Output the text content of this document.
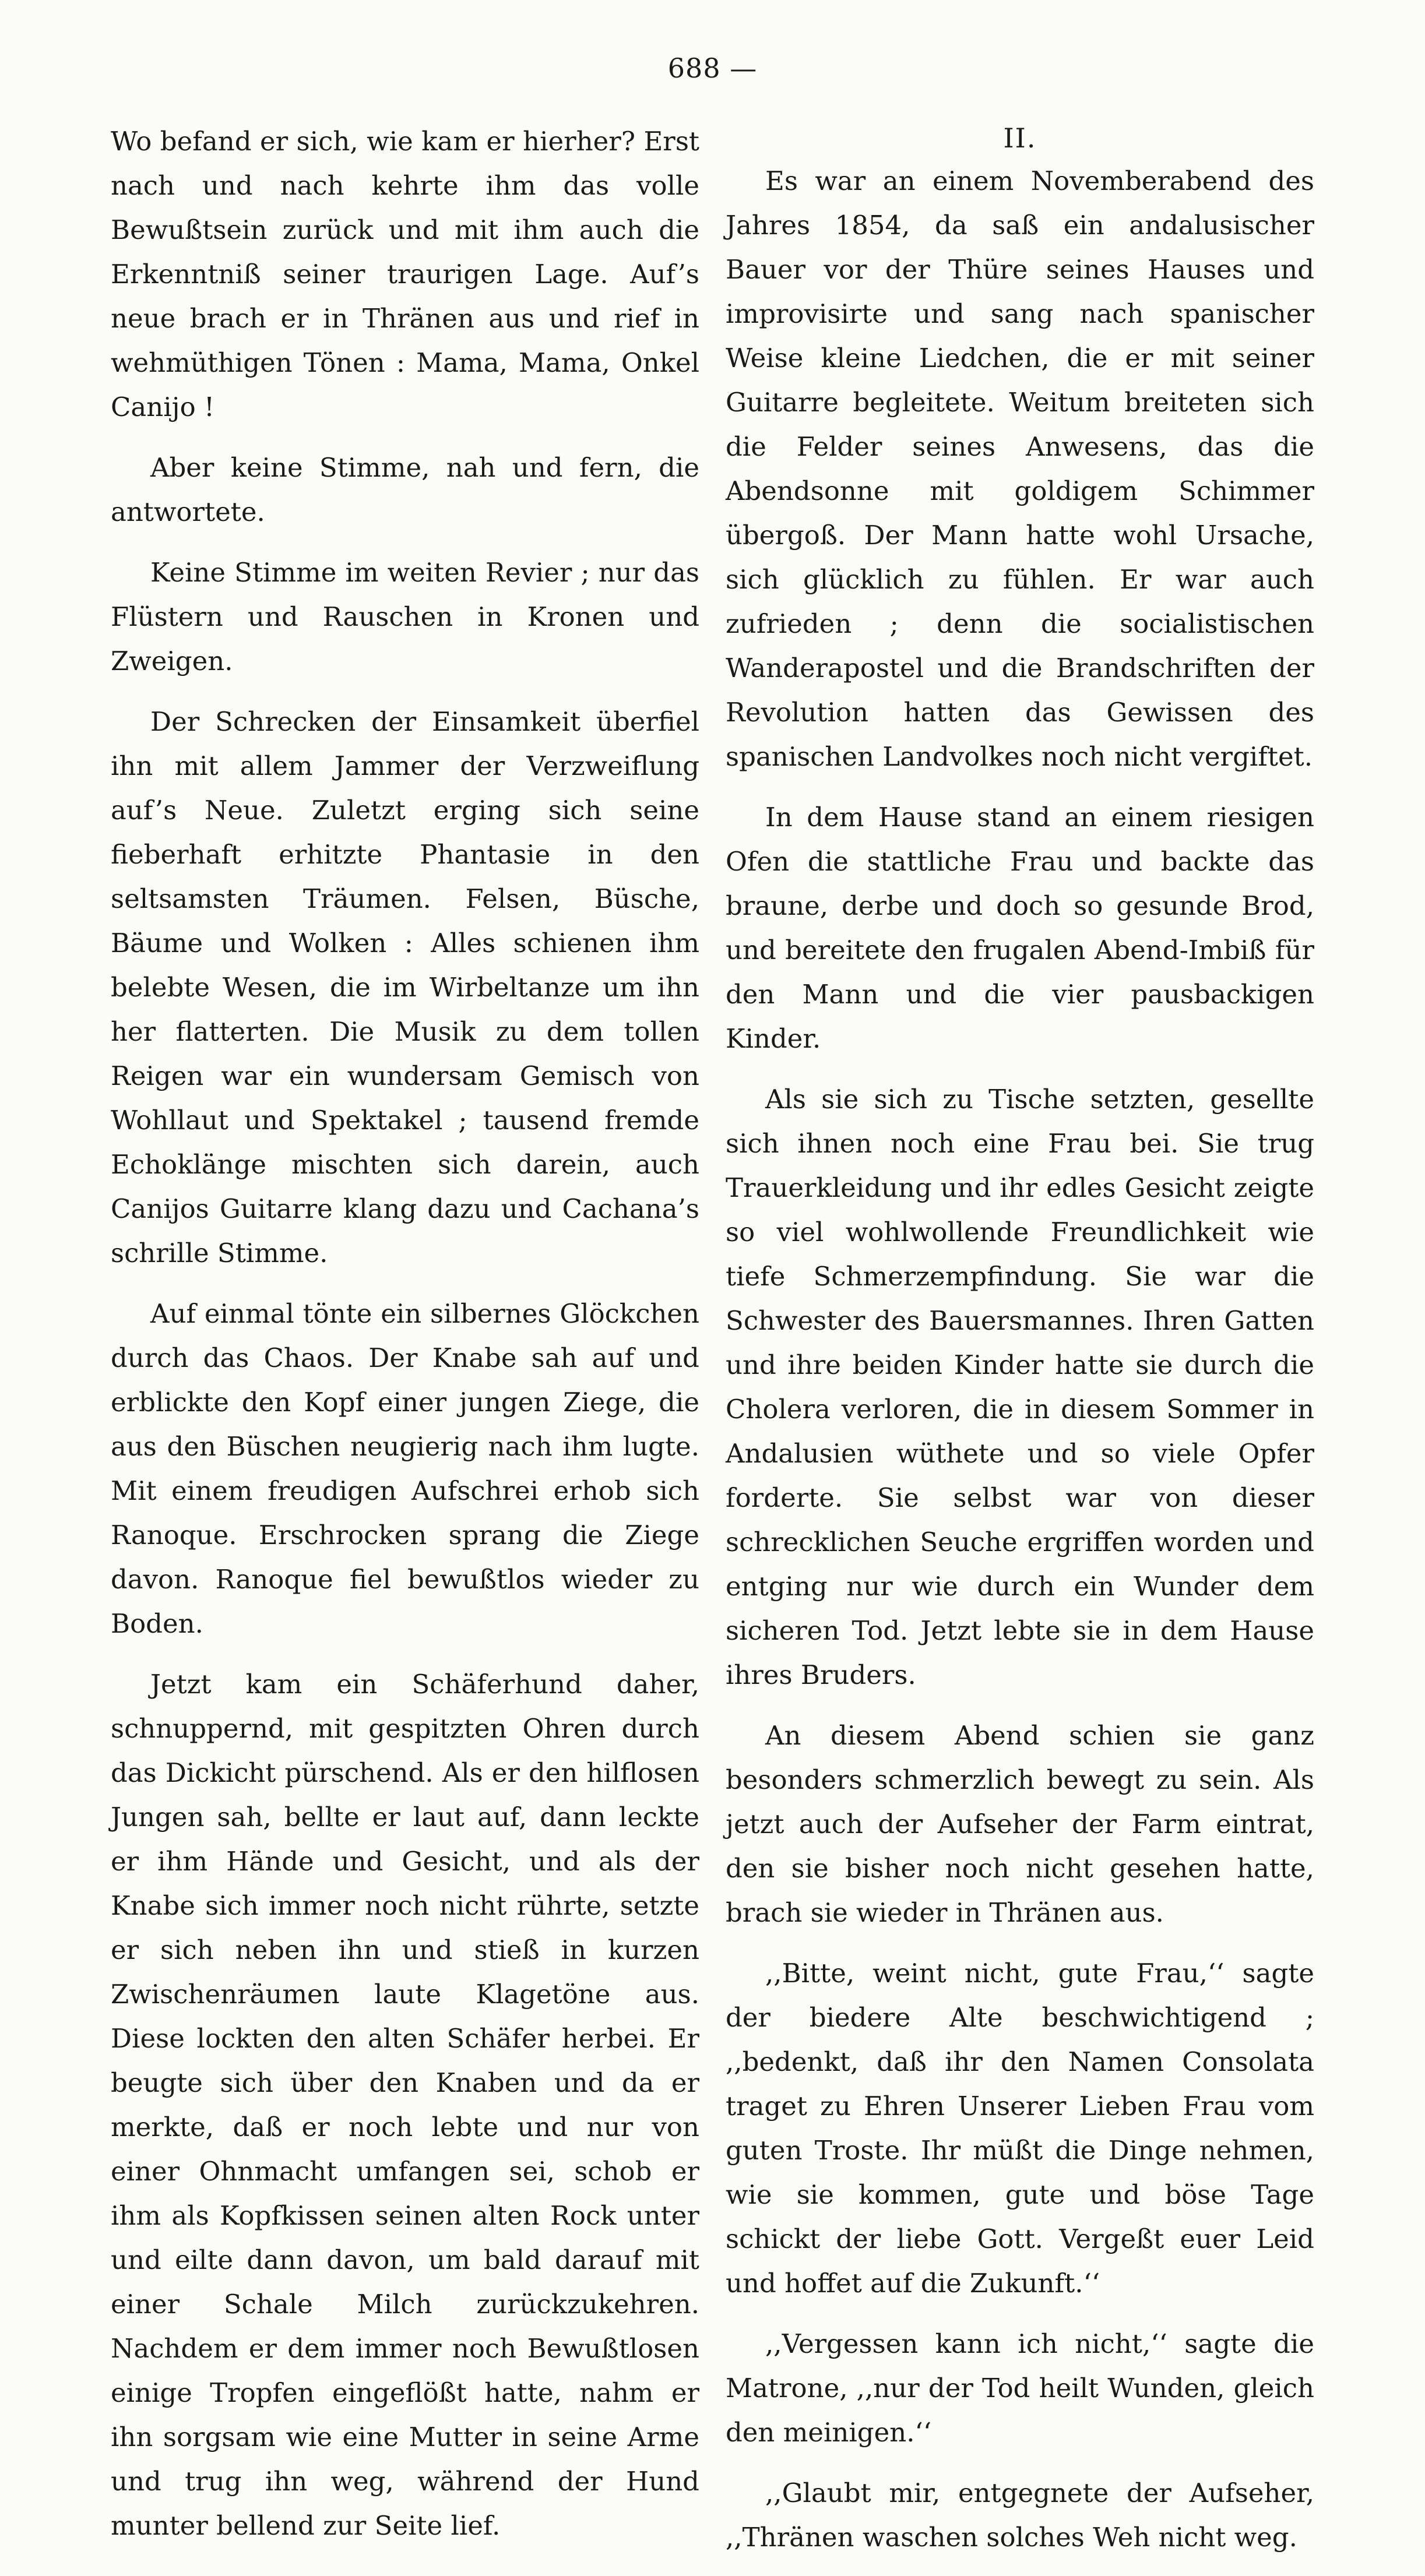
688 —

Wo befand er sich, wie kam er hierher? Erst nach und nach kehrte ihm das volle Bewußtsein zurück und mit ihm auch die Erkenntniß seiner traurigen Lage. Auf’s neue brach er in Thränen aus und rief in wehmüthigen Tönen : Mama, Mama, Onkel Canijo !

Aber keine Stimme, nah und fern, die antwortete.

Keine Stimme im weiten Revier ; nur das Flüstern und Rauschen in Kronen und Zweigen.

Der Schrecken der Einsamkeit überfiel ihn mit allem Jammer der Verzweiflung auf’s Neue. Zuletzt erging sich seine fieberhaft erhitzte Phantasie in den seltsamsten Träumen. Felsen, Büsche, Bäume und Wolken : Alles schienen ihm belebte Wesen, die im Wirbeltanze um ihn her flatterten. Die Musik zu dem tollen Reigen war ein wundersam Gemisch von Wohllaut und Spektakel ; tausend fremde Echoklänge mischten sich darein, auch Canijos Guitarre klang dazu und Cachana’s schrille Stimme.

Auf einmal tönte ein silbernes Glöckchen durch das Chaos. Der Knabe sah auf und erblickte den Kopf einer jungen Ziege, die aus den Büschen neugierig nach ihm lugte. Mit einem freudigen Aufschrei erhob sich Ranoque. Erschrocken sprang die Ziege davon. Ranoque fiel bewußtlos wieder zu Boden.

Jetzt kam ein Schäferhund daher, schnuppernd, mit gespitzten Ohren durch das Dickicht pürschend. Als er den hilflosen Jungen sah, bellte er laut auf, dann leckte er ihm Hände und Gesicht, und als der Knabe sich immer noch nicht rührte, setzte er sich neben ihn und stieß in kurzen Zwischenräumen laute Klagetöne aus. Diese lockten den alten Schäfer herbei. Er beugte sich über den Knaben und da er merkte, daß er noch lebte und nur von einer Ohnmacht umfangen sei, schob er ihm als Kopfkissen seinen alten Rock unter und eilte dann davon, um bald darauf mit einer Schale Milch zurückzukehren. Nachdem er dem immer noch Bewußtlosen einige Tropfen eingeflößt hatte, nahm er ihn sorgsam wie eine Mutter in seine Arme und trug ihn weg, während der Hund munter bellend zur Seite lief.

II.

Es war an einem Novemberabend des Jahres 1854, da saß ein andalusischer Bauer vor der Thüre seines Hauses und improvisirte und sang nach spanischer Weise kleine Liedchen, die er mit seiner Guitarre begleitete. Weitum breiteten sich die Felder seines Anwesens, das die Abendsonne mit goldigem Schimmer übergoß. Der Mann hatte wohl Ursache, sich glücklich zu fühlen. Er war auch zufrieden ; denn die socialistischen Wanderapostel und die Brandschriften der Revolution hatten das Gewissen des spanischen Landvolkes noch nicht vergiftet.

In dem Hause stand an einem riesigen Ofen die stattliche Frau und backte das braune, derbe und doch so gesunde Brod, und bereitete den frugalen Abend-Imbiß für den Mann und die vier pausbackigen Kinder.

Als sie sich zu Tische setzten, gesellte sich ihnen noch eine Frau bei. Sie trug Trauerkleidung und ihr edles Gesicht zeigte so viel wohlwollende Freundlichkeit wie tiefe Schmerzempfindung. Sie war die Schwester des Bauersmannes. Ihren Gatten und ihre beiden Kinder hatte sie durch die Cholera verloren, die in diesem Sommer in Andalusien wüthete und so viele Opfer forderte. Sie selbst war von dieser schrecklichen Seuche ergriffen worden und entging nur wie durch ein Wunder dem sicheren Tod. Jetzt lebte sie in dem Hause ihres Bruders.

An diesem Abend schien sie ganz besonders schmerzlich bewegt zu sein. Als jetzt auch der Aufseher der Farm eintrat, den sie bisher noch nicht gesehen hatte, brach sie wieder in Thränen aus.

,,Bitte, weint nicht, gute Frau,‘‘ sagte der biedere Alte beschwichtigend ; ,,bedenkt, daß ihr den Namen Consolata traget zu Ehren Unserer Lieben Frau vom guten Troste. Ihr müßt die Dinge nehmen, wie sie kommen, gute und böse Tage schickt der liebe Gott. Vergeßt euer Leid und hoffet auf die Zukunft.‘‘

,,Vergessen kann ich nicht,‘‘ sagte die Matrone, ,,nur der Tod heilt Wunden, gleich den meinigen.‘‘

,,Glaubt mir, entgegnete der Aufseher, ,,Thränen waschen solches Weh nicht weg.
